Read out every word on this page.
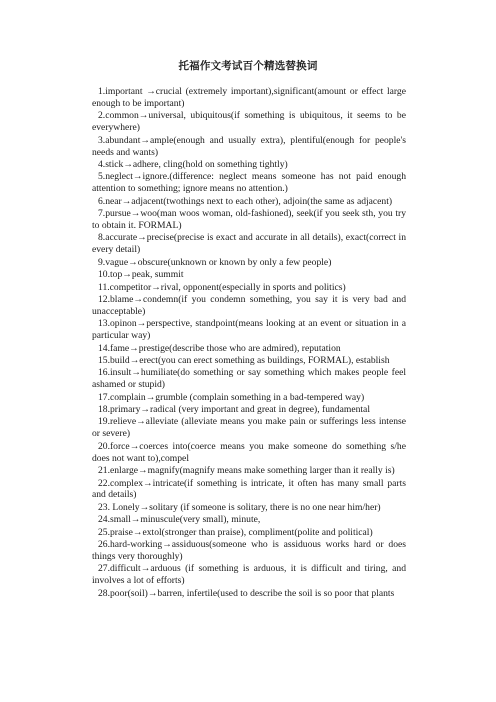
托福作文考试百个精选替换词

1.important →crucial (extremely important),significant(amount or effect large enough to be important)

2.common→universal, ubiquitous(if something is ubiquitous, it seems to be everywhere)

3.abundant→ample(enough and usually extra), plentiful(enough for people's needs and wants)

4.stick→adhere, cling(hold on something tightly)

5.neglect→ignore.(difference: neglect means someone has not paid enough attention to something; ignore means no attention.)

6.near→adjacent(twothings next to each other), adjoin(the same as adjacent)

7.pursue→woo(man woos woman, old-fashioned), seek(if you seek sth, you try to obtain it. FORMAL)

8.accurate→precise(precise is exact and accurate in all details), exact(correct in every detail)

9.vague→obscure(unknown or known by only a few people)

10.top→peak, summit

11.competitor→rival, opponent(especially in sports and politics)

12.blame→condemn(if you condemn something, you say it is very bad and unacceptable)

13.opinon→perspective, standpoint(means looking at an event or situation in a particular way)

14.fame→prestige(describe those who are admired), reputation

15.build→erect(you can erect something as buildings, FORMAL), establish

16.insult→humiliate(do something or say something which makes people feel ashamed or stupid)

17.complain→grumble (complain something in a bad-tempered way)

18.primary→radical (very important and great in degree), fundamental

19.relieve→alleviate (alleviate means you make pain or sufferings less intense or severe)

20.force→coerces into(coerce means you make someone do something s/he does not want to),compel

21.enlarge→magnify(magnify means make something larger than it really is)

22.complex→intricate(if something is intricate, it often has many small parts and details)

23. Lonely→solitary (if someone is solitary, there is no one near him/her)

24.small→minuscule(very small), minute,

25.praise→extol(stronger than praise), compliment(polite and political)

26.hard-working→assiduous(someone who is assiduous works hard or does things very thoroughly)

27.difficult→arduous (if something is arduous, it is difficult and tiring, and involves a lot of efforts)

28.poor(soil)→barren, infertile(used to describe the soil is so poor that plants
